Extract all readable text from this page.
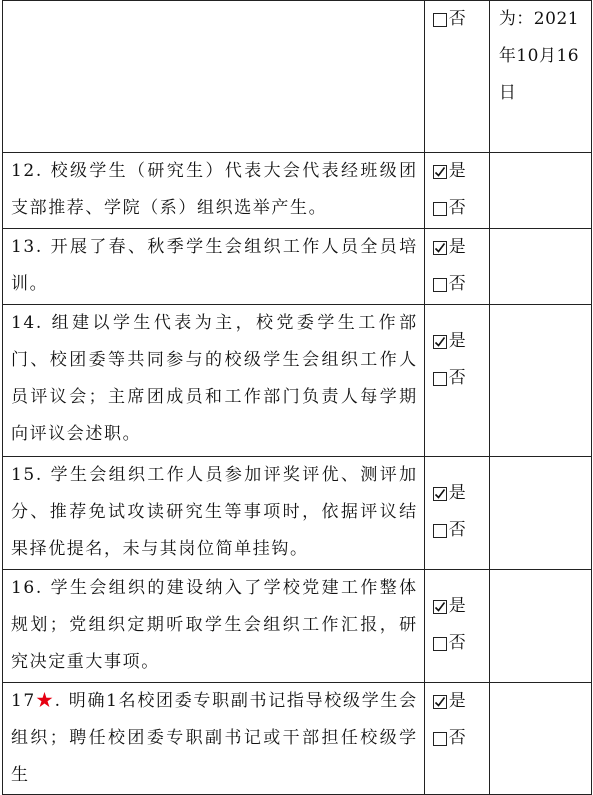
	否	为：2021年10月16日

12. 校级学生（研究生）代表大会代表经班级团支部推荐、学院（系）组织选举产生。	是
否	

13. 开展了春、秋季学生会组织工作人员全员培训。	是
否	

14. 组建以学生代表为主，校党委学生工作部门、校团委等共同参与的校级学生会组织工作人员评议会；主席团成员和工作部门负责人每学期向评议会述职。	是
否	

15. 学生会组织工作人员参加评奖评优、测评加分、推荐免试攻读研究生等事项时，依据评议结果择优提名，未与其岗位简单挂钩。	是
否	

16. 学生会组织的建设纳入了学校党建工作整体规划；党组织定期听取学生会组织工作汇报，研究决定重大事项。	是
否	

17★. 明确1名校团委专职副书记指导校级学生会组织；聘任校团委专职副书记或干部担任校级学生	是
否	
